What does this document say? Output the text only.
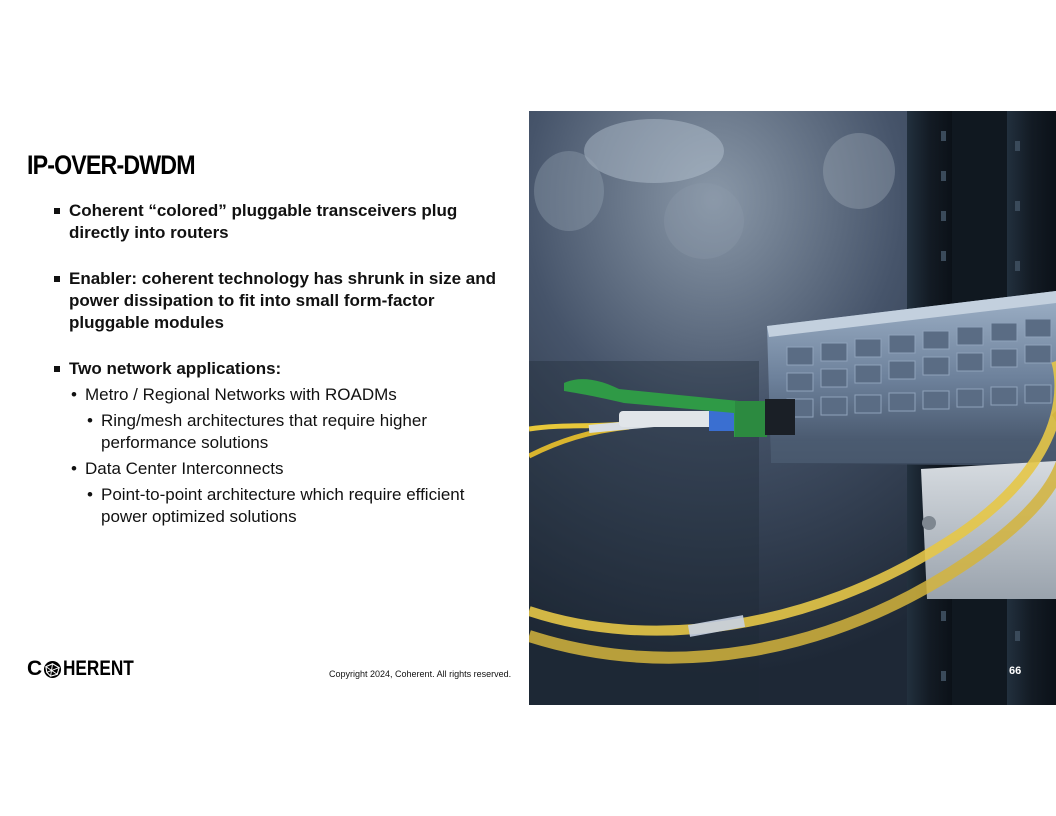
IP-OVER-DWDM
Coherent “colored” pluggable transceivers plug directly into routers
Enabler: coherent technology has shrunk in size and power dissipation to fit into small form-factor pluggable modules
Two network applications:
• Metro / Regional Networks with ROADMs
• Ring/mesh architectures that require higher performance solutions
• Data Center Interconnects
• Point-to-point architecture which require efficient power optimized solutions
C HERENT	Copyright 2024, Coherent. All rights reserved.	66
